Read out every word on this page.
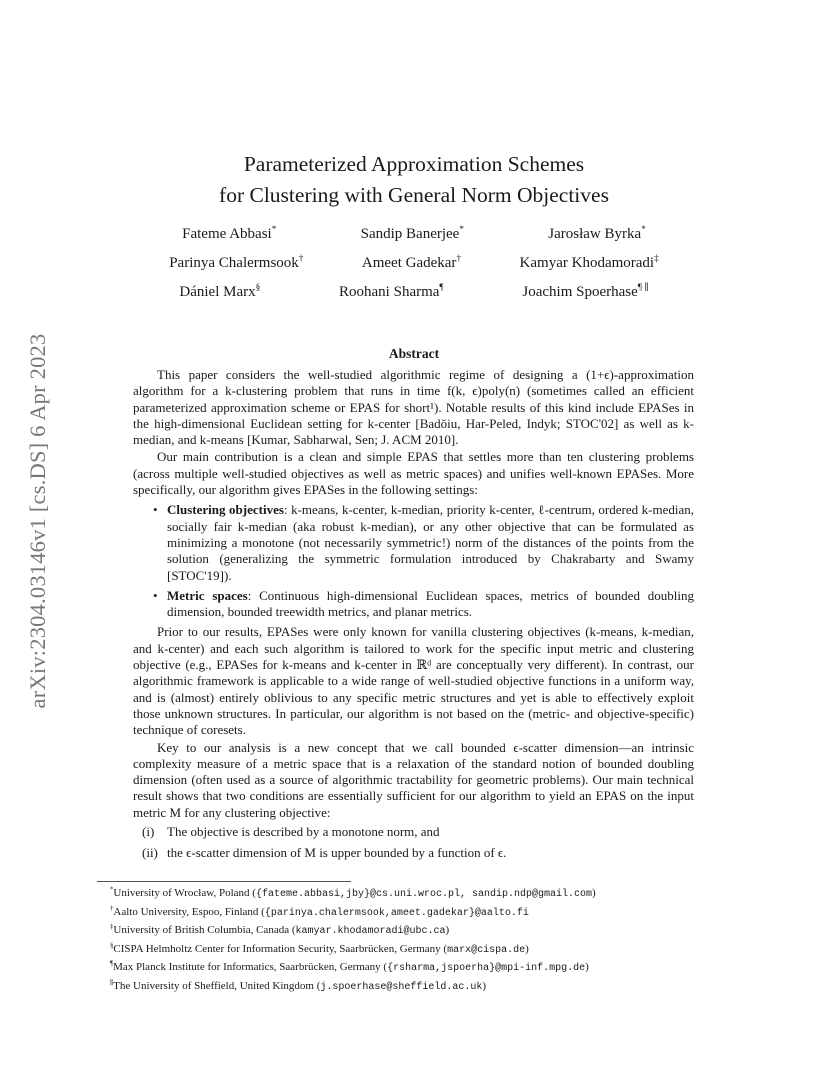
arXiv:2304.03146v1 [cs.DS] 6 Apr 2023
Parameterized Approximation Schemes
for Clustering with General Norm Objectives
Fateme Abbasi*	Sandip Banerjee*	Jarosław Byrka*
Parinya Chalermsook†	Ameet Gadekar†	Kamyar Khodamoradi‡
Dániel Marx§	Roohani Sharma¶	Joachim Spoerhase¶ ∥
Abstract

This paper considers the well-studied algorithmic regime of designing a (1+ϵ)-approximation algorithm for a k-clustering problem that runs in time f(k, ϵ)poly(n) (sometimes called an efficient parameterized approximation scheme or EPAS for short¹). Notable results of this kind include EPASes in the high-dimensional Euclidean setting for k-center [Badŏiu, Har-Peled, Indyk; STOC'02] as well as k-median, and k-means [Kumar, Sabharwal, Sen; J. ACM 2010].

Our main contribution is a clean and simple EPAS that settles more than ten clustering problems (across multiple well-studied objectives as well as metric spaces) and unifies well-known EPASes. More specifically, our algorithm gives EPASes in the following settings:

• Clustering objectives: k-means, k-center, k-median, priority k-center, ℓ-centrum, ordered k-median, socially fair k-median (aka robust k-median), or any other objective that can be formulated as minimizing a monotone (not necessarily symmetric!) norm of the distances of the points from the solution (generalizing the symmetric formulation introduced by Chakrabarty and Swamy [STOC'19]).
• Metric spaces: Continuous high-dimensional Euclidean spaces, metrics of bounded doubling dimension, bounded treewidth metrics, and planar metrics.

Prior to our results, EPASes were only known for vanilla clustering objectives (k-means, k-median, and k-center) and each such algorithm is tailored to work for the specific input metric and clustering objective (e.g., EPASes for k-means and k-center in ℝᵈ are conceptually very different). In contrast, our algorithmic framework is applicable to a wide range of well-studied objective functions in a uniform way, and is (almost) entirely oblivious to any specific metric structures and yet is able to effectively exploit those unknown structures. In particular, our algorithm is not based on the (metric- and objective-specific) technique of coresets.

Key to our analysis is a new concept that we call bounded ϵ-scatter dimension—an intrinsic complexity measure of a metric space that is a relaxation of the standard notion of bounded doubling dimension (often used as a source of algorithmic tractability for geometric problems). Our main technical result shows that two conditions are essentially sufficient for our algorithm to yield an EPAS on the input metric M for any clustering objective:

(i) The objective is described by a monotone norm, and
(ii) the ϵ-scatter dimension of M is upper bounded by a function of ϵ.
*University of Wrocław, Poland ({fateme.abbasi,jby}@cs.uni.wroc.pl, sandip.ndp@gmail.com)
†Aalto University, Espoo, Finland ({parinya.chalermsook,ameet.gadekar}@aalto.fi
‡University of British Columbia, Canada (kamyar.khodamoradi@ubc.ca)
§CISPA Helmholtz Center for Information Security, Saarbrücken, Germany (marx@cispa.de)
¶Max Planck Institute for Informatics, Saarbrücken, Germany ({rsharma,jspoerha}@mpi-inf.mpg.de)
∥The University of Sheffield, United Kingdom (j.spoerhase@sheffield.ac.uk)
